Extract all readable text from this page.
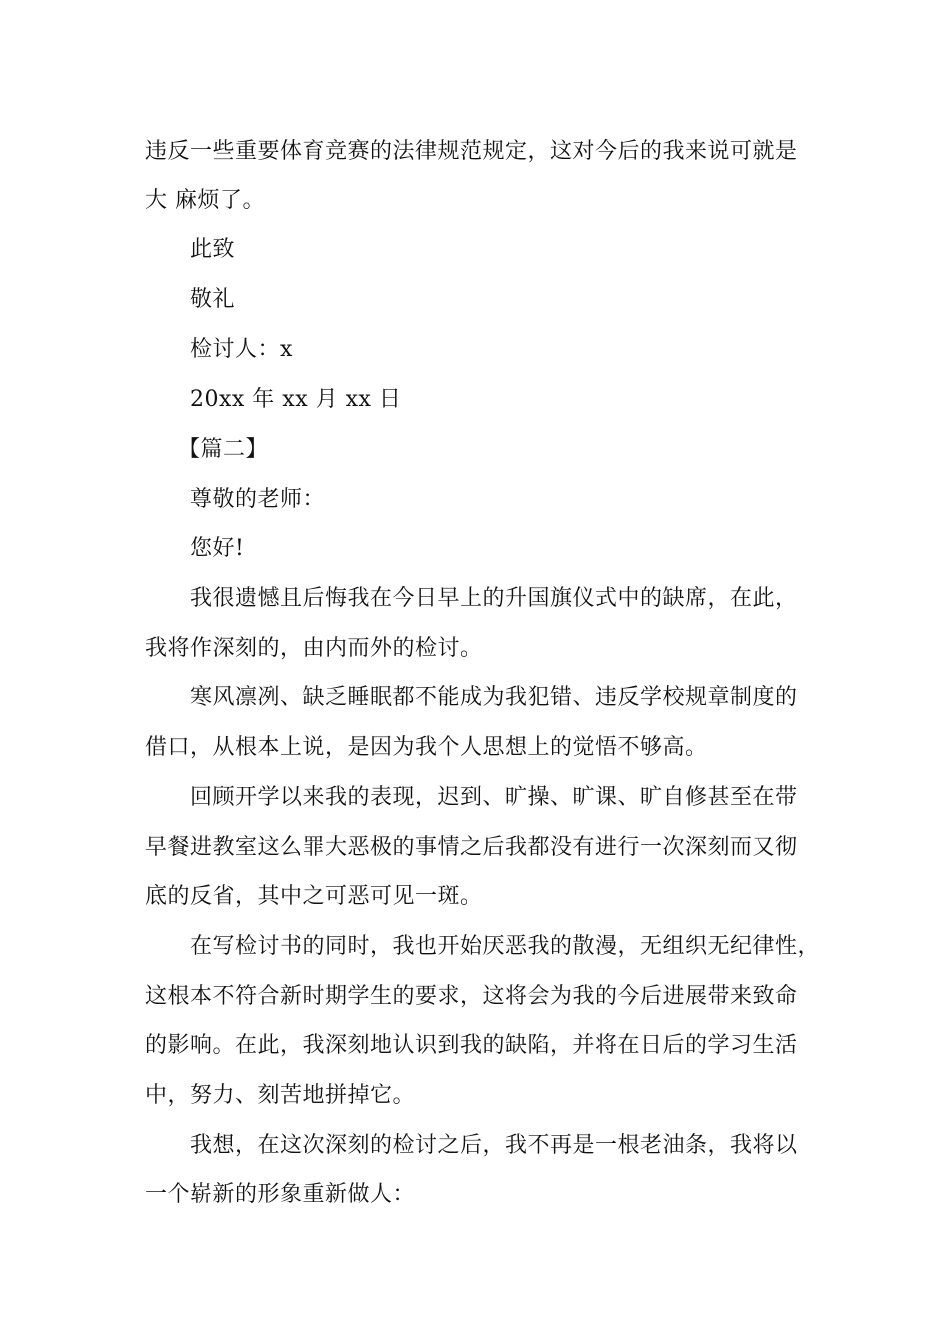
违反一些重要体育竞赛的法律规范规定，这对今后的我来说可就是
大 麻烦了。
此致
敬礼
检讨人：x
20xx 年 xx 月 xx 日
【篇二】
尊敬的老师：
您好!
我很遗憾且后悔我在今日早上的升国旗仪式中的缺席，在此，
我将作深刻的，由内而外的检讨。
寒风凛冽、缺乏睡眠都不能成为我犯错、违反学校规章制度的
借口，从根本上说，是因为我个人思想上的觉悟不够高。
回顾开学以来我的表现，迟到、旷操、旷课、旷自修甚至在带
早餐进教室这么罪大恶极的事情之后我都没有进行一次深刻而又彻
底的反省，其中之可恶可见一斑。
在写检讨书的同时，我也开始厌恶我的散漫，无组织无纪律性，
这根本不符合新时期学生的要求，这将会为我的今后进展带来致命
的影响。在此，我深刻地认识到我的缺陷，并将在日后的学习生活
中，努力、刻苦地拼掉它。
我想，在这次深刻的检讨之后，我不再是一根老油条，我将以
一个崭新的形象重新做人：
